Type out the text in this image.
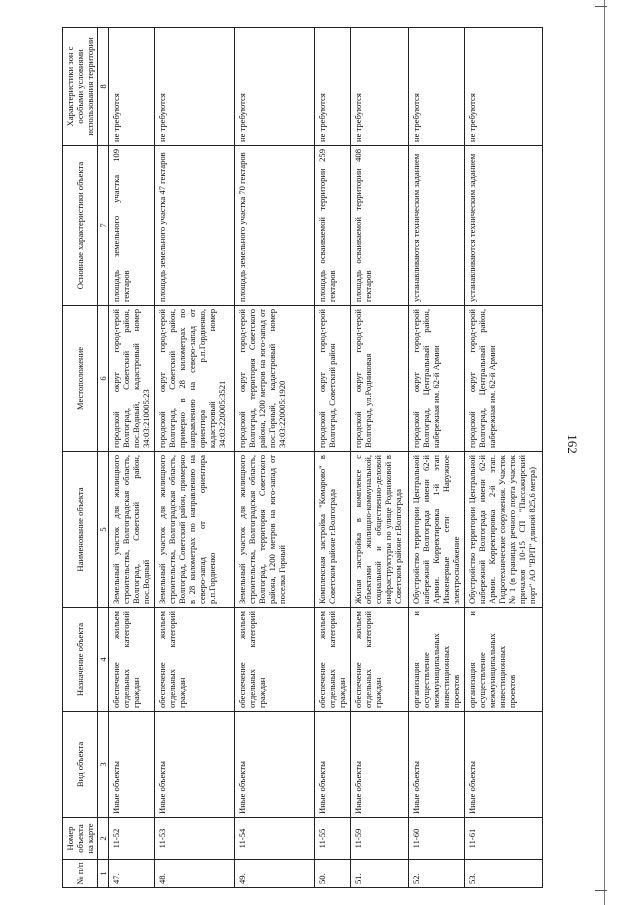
162
№ п/п	Номер объекта на карте	Вид объекта	Назначение объекта	Наименование объекта	Местоположение	Основные характеристики объекта	Характеристики зон с особыми условиями использования территории
1	2	3	4	5	6	7	8
47.	11-52	Иные объекты	обеспечение жильем отдельных категорий граждан	Земельный участок для жилищного строительства, Волгоградская область, Волгоград, Советский район, пос.Водный	городской округ город-герой Волгоград, Советский район, пос.Водный, кадастровый номер 34:03:210005:23	площадь земельного участка 109 гектаров	не требуются
48.	11-53	Иные объекты	обеспечение жильем отдельных категорий граждан	Земельный участок для жилищного строительства, Волгоградская область, Волгоград, Советский район, примерно в 28 километрах по направлению на северо-запад от ориентира р.п.Гордиенко	городской округ город-герой Волгоград, Советский район, примерно в 28 километрах по направлению на северо-запад от ориентира р.п.Гордиенко, кадастровый номер 34:03:220005:3521	площадь земельного участка 47 гектаров	не требуются
49.	11-54	Иные объекты	обеспечение жильем отдельных категорий граждан	Земельный участок для жилищного строительства, Волгоградская область, Волгоград, территория Советского района, 1200 метров на юго-запад от поселка Горный	городской округ город-герой Волгоград, территория Советского района, 1200 метров на юго-запад от пос.Горный, кадастровый номер 34:03:220005:1920	площадь земельного участка 70 гектаров	не требуются
50.	11-55	Иные объекты	обеспечение жильем отдельных категорий граждан	Комплексная застройка "Комарово" в Советском районе г.Волгограда	городской округ город-герой Волгоград, Советский район	площадь осваиваемой территории 259 гектаров	не требуются
51.	11-59	Иные объекты	обеспечение жильем отдельных категорий граждан	Жилая застройка в комплексе с объектами жилищно-коммунальной, социальной и общественно-деловой инфраструктуры по улице Родниковой в Советском районе г.Волгограда	городской округ город-герой Волгоград, ул.Родниковая	площадь осваиваемой территории 408 гектаров	не требуются
52.	11-60	Иные объекты	организация и осуществление межмуниципальных инвестиционных проектов	Обустройство территории Центральной набережной Волгограда имени 62-й Армии. Корректировка 1-й этап Инженерные сети Наружное электроснабжение	городской округ город-герой Волгоград, Центральный район, набережная им. 62-й Армии	устанавливаются техническим заданием	не требуются
53.	11-61	Иные объекты	организация и осуществление межмуниципальных инвестиционных проектов	Обустройство территории Центральной набережной Волгограда имени 62-й Армии. Корректировка 2-й этап. Гидротехнические сооружения. Участок № 1 (в границах речного порта участок причалов 10-15 СП "Пассажирский порт" АО "ВРП" длиной 825,6 метра)	городской округ город-герой Волгоград, Центральный район, набережная им. 62-й Армии	устанавливаются техническим заданием	не требуются
